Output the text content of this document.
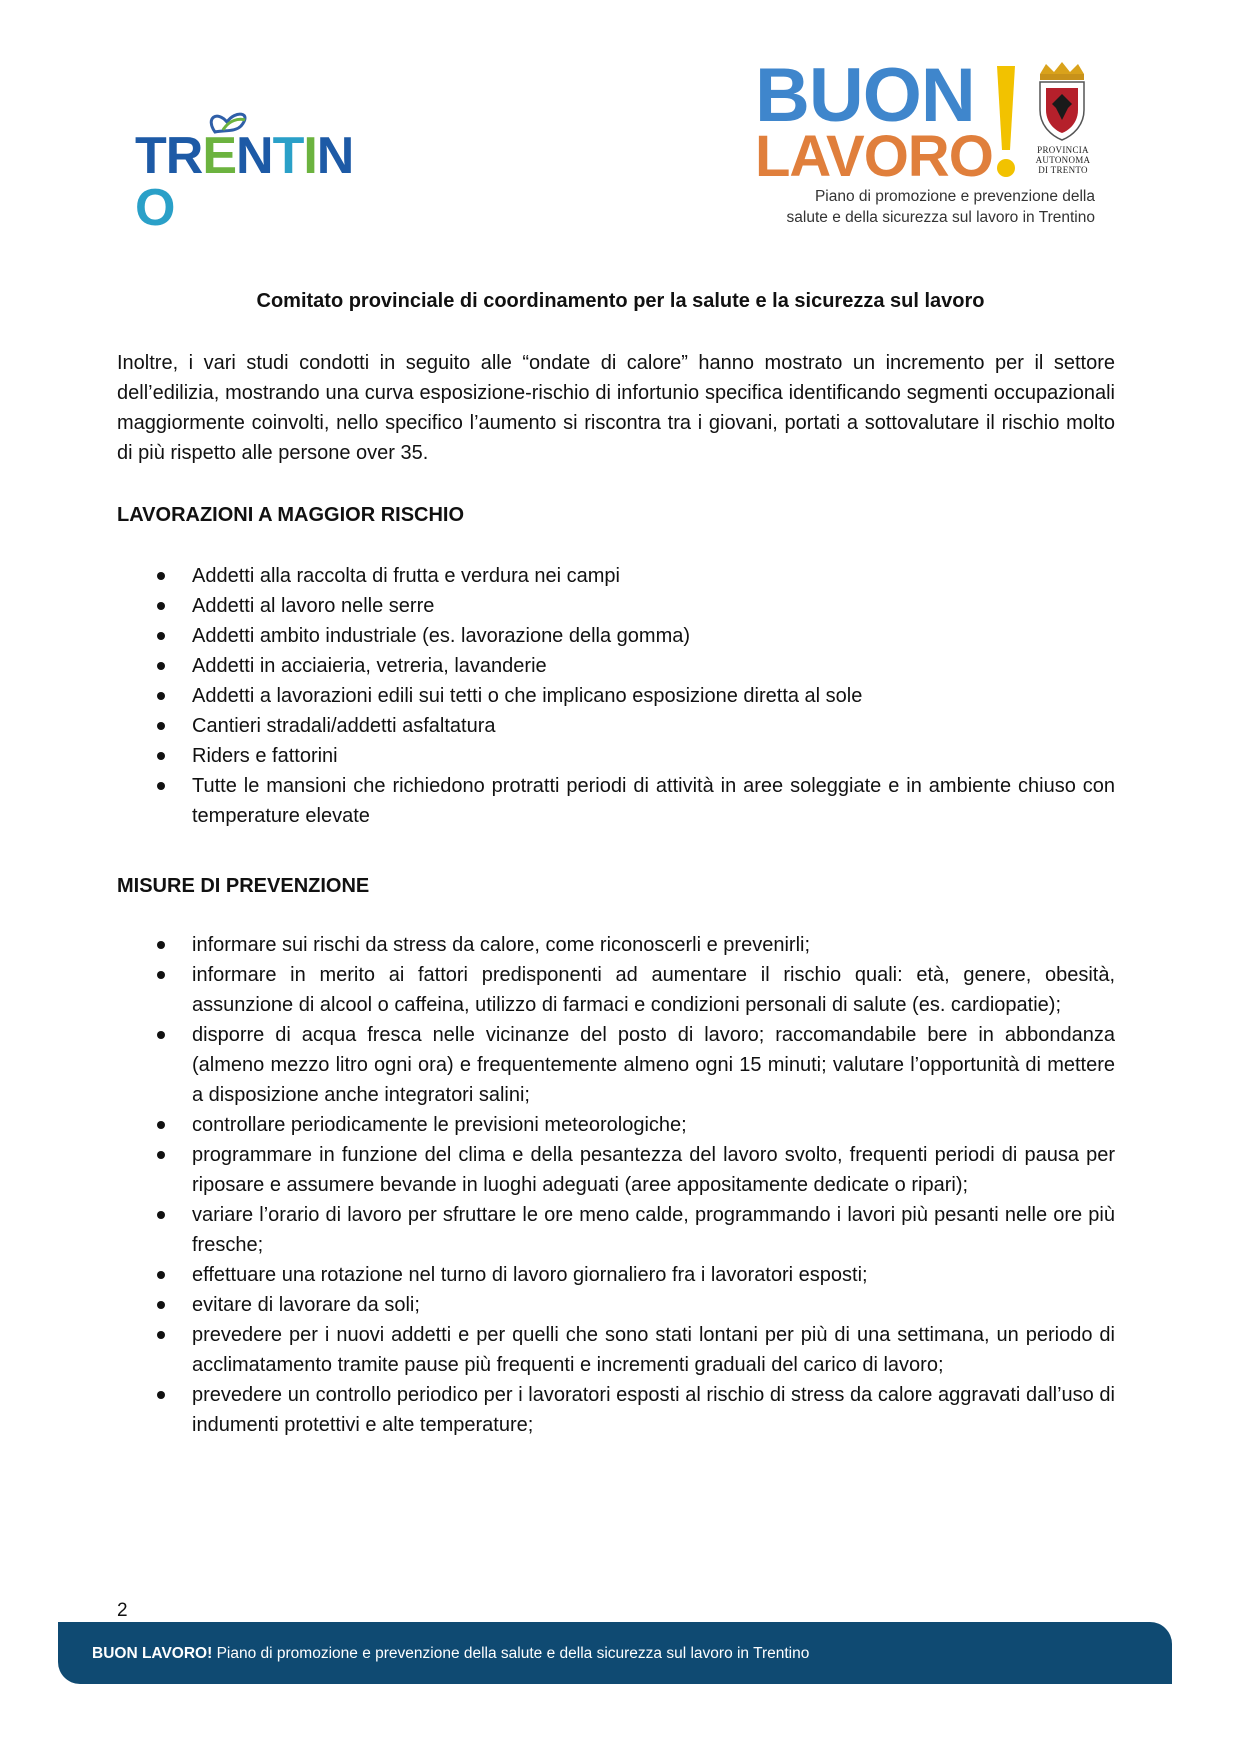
TRENTINO
BUON
LAVORO	PROVINCIA
AUTONOMA
DI TRENTO
Piano di promozione e prevenzione della
salute e della sicurezza sul lavoro in Trentino
Comitato provinciale di coordinamento per la salute e la sicurezza sul lavoro
Inoltre, i vari studi condotti in seguito alle “ondate di calore” hanno mostrato un incremento per il settore dell’edilizia, mostrando una curva esposizione-rischio di infortunio specifica identificando segmenti occupazionali maggiormente coinvolti, nello specifico l’aumento si riscontra tra i giovani, portati a sottovalutare il rischio molto di più rispetto alle persone over 35.
LAVORAZIONI A MAGGIOR RISCHIO
Addetti alla raccolta di frutta e verdura nei campi
Addetti al lavoro nelle serre
Addetti ambito industriale (es. lavorazione della gomma)
Addetti in acciaieria, vetreria, lavanderie
Addetti a lavorazioni edili sui tetti o che implicano esposizione diretta al sole
Cantieri stradali/addetti asfaltatura
Riders e fattorini
Tutte le mansioni che richiedono protratti periodi di attività in aree soleggiate e in ambiente chiuso con temperature elevate
MISURE DI PREVENZIONE
informare sui rischi da stress da calore, come riconoscerli e prevenirli;
informare in merito ai fattori predisponenti ad aumentare il rischio quali: età, genere, obesità, assunzione di alcool o caffeina, utilizzo di farmaci e condizioni personali di salute (es. cardiopatie);
disporre di acqua fresca nelle vicinanze del posto di lavoro; raccomandabile bere in abbondanza (almeno mezzo litro ogni ora) e frequentemente almeno ogni 15 minuti; valutare l’opportunità di mettere a disposizione anche integratori salini;
controllare periodicamente le previsioni meteorologiche;
programmare in funzione del clima e della pesantezza del lavoro svolto, frequenti periodi di pausa per riposare e assumere bevande in luoghi adeguati (aree appositamente dedicate o ripari);
variare l’orario di lavoro per sfruttare le ore meno calde, programmando i lavori più pesanti nelle ore più fresche;
effettuare una rotazione nel turno di lavoro giornaliero fra i lavoratori esposti;
evitare di lavorare da soli;
prevedere per i nuovi addetti e per quelli che sono stati lontani per più di una settimana, un periodo di acclimatamento tramite pause più frequenti e incrementi graduali del carico di lavoro;
prevedere un controllo periodico per i lavoratori esposti al rischio di stress da calore aggravati dall’uso di indumenti protettivi e alte temperature;
2
BUON LAVORO! Piano di promozione e prevenzione della salute e della sicurezza sul lavoro in Trentino
